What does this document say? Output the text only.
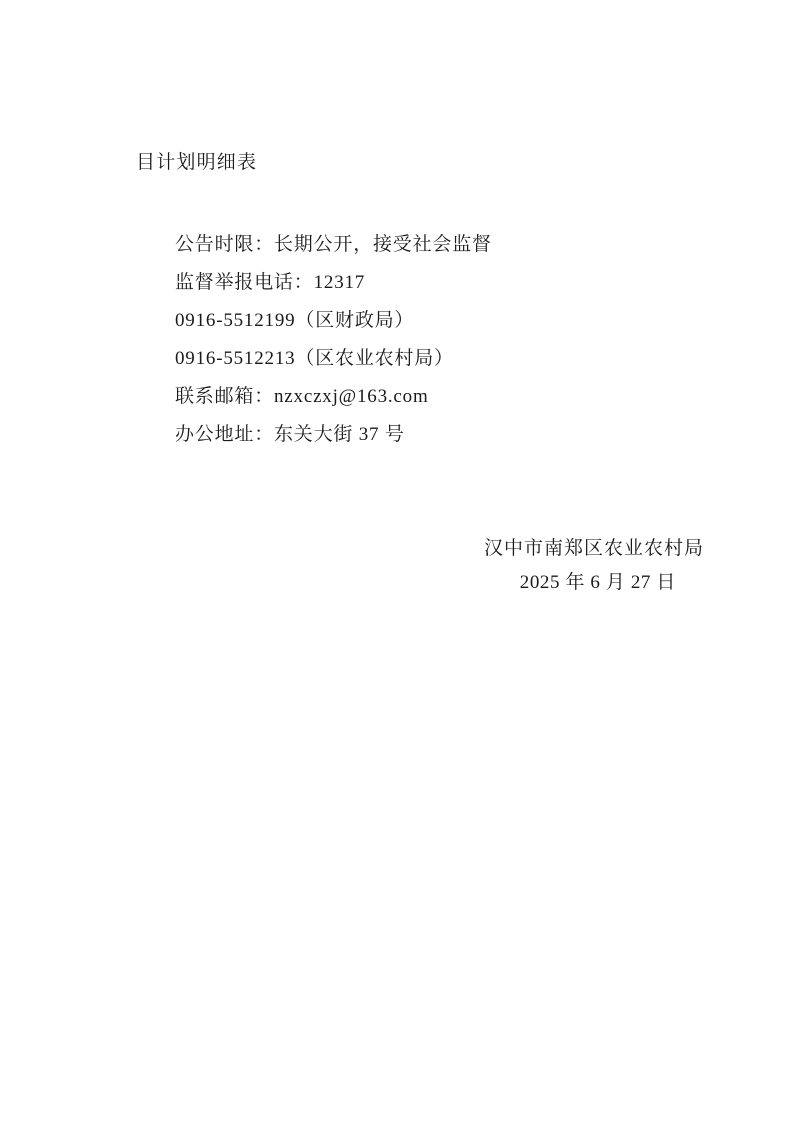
目计划明细表
公告时限：长期公开，接受社会监督
监督举报电话：12317
0916-5512199（区财政局）
0916-5512213（区农业农村局）
联系邮箱：nzxczxj@163.com
办公地址：东关大街 37 号
汉中市南郑区农业农村局
2025 年 6 月 27 日
